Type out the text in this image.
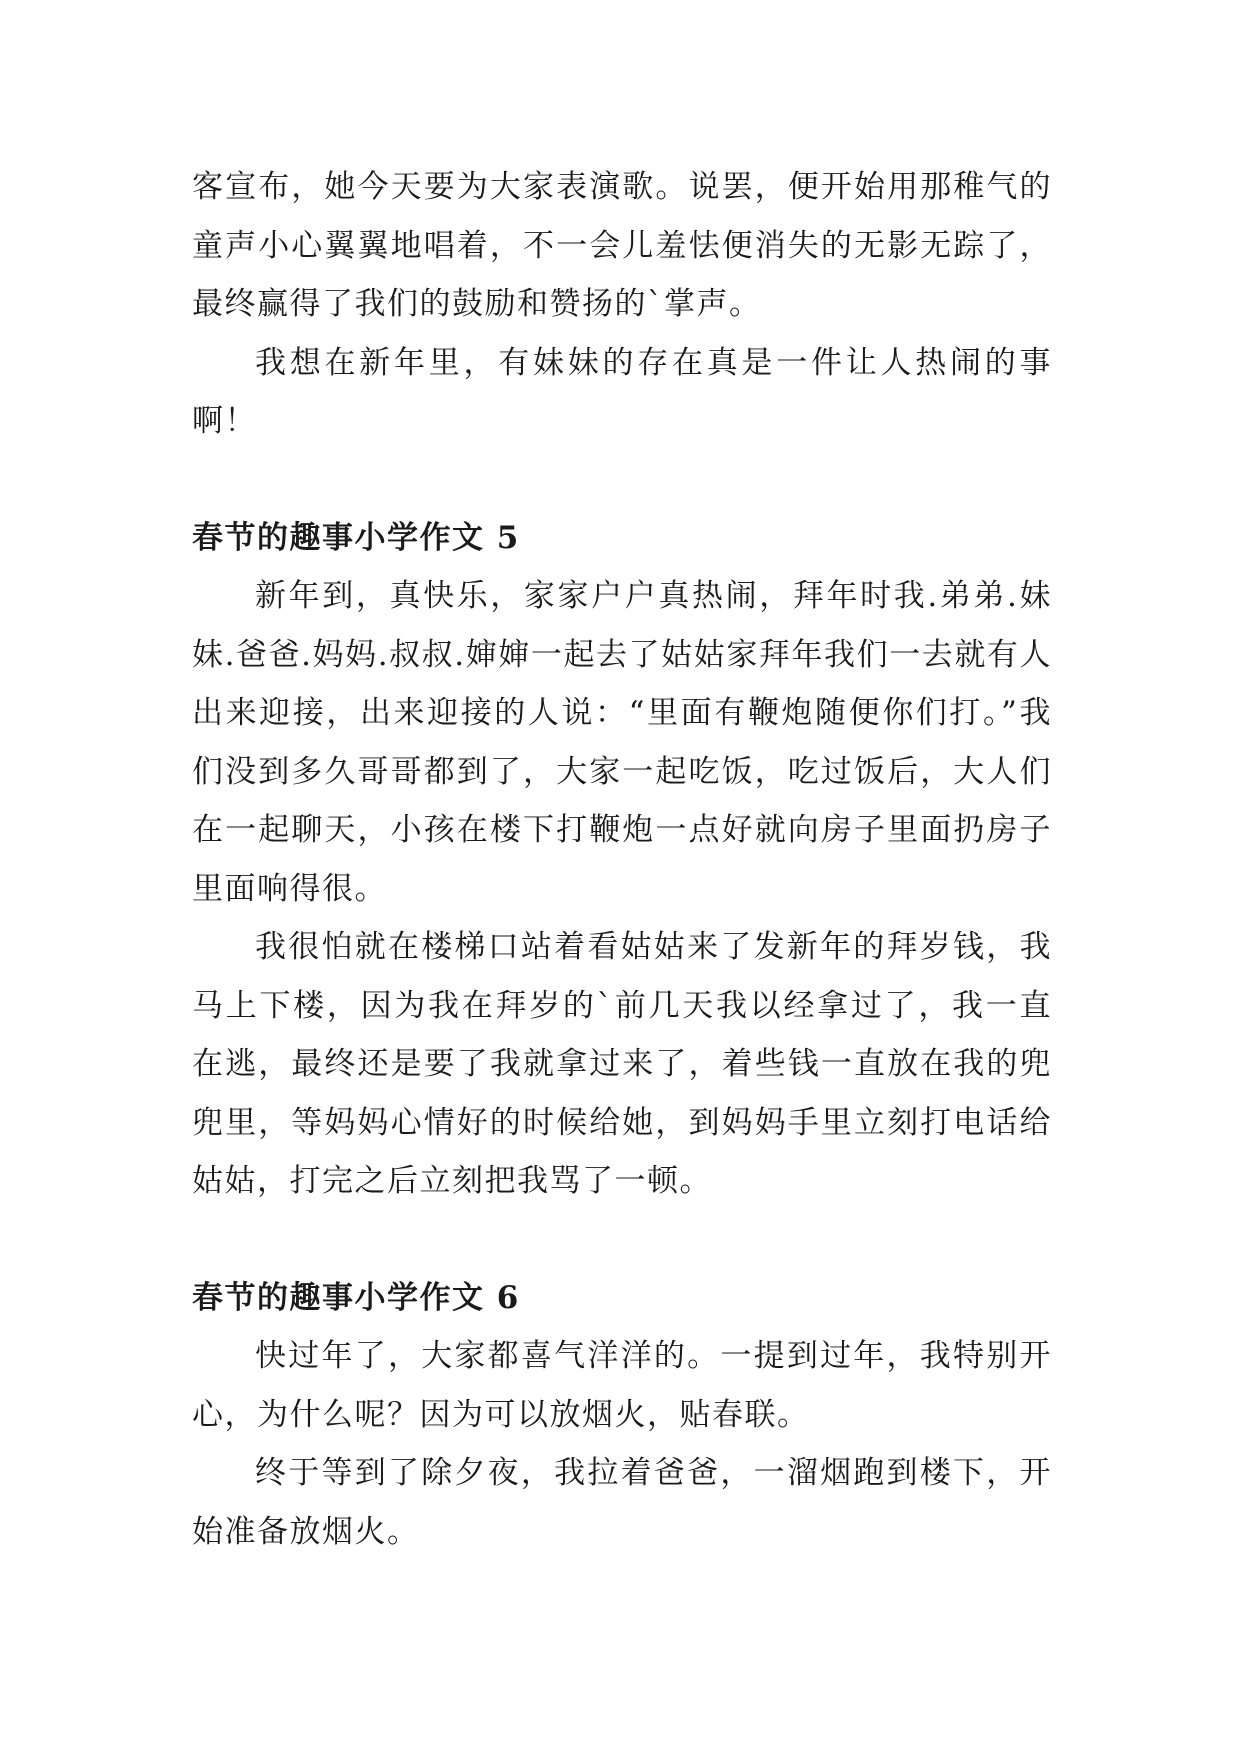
客宣布，她今天要为大家表演歌。说罢，便开始用那稚气的童声小心翼翼地唱着，不一会儿羞怯便消失的无影无踪了，最终赢得了我们的鼓励和赞扬的`掌声。

我想在新年里，有妹妹的存在真是一件让人热闹的事啊！

春节的趣事小学作文 5

新年到，真快乐，家家户户真热闹，拜年时我.弟弟.妹妹.爸爸.妈妈.叔叔.婶婶一起去了姑姑家拜年我们一去就有人出来迎接，出来迎接的人说：“里面有鞭炮随便你们打。”我们没到多久哥哥都到了，大家一起吃饭，吃过饭后，大人们在一起聊天，小孩在楼下打鞭炮一点好就向房子里面扔房子里面响得很。

我很怕就在楼梯口站着看姑姑来了发新年的拜岁钱，我马上下楼，因为我在拜岁的`前几天我以经拿过了，我一直在逃，最终还是要了我就拿过来了，着些钱一直放在我的兜兜里，等妈妈心情好的时候给她，到妈妈手里立刻打电话给姑姑，打完之后立刻把我骂了一顿。

春节的趣事小学作文 6

快过年了，大家都喜气洋洋的。一提到过年，我特别开心，为什么呢？因为可以放烟火，贴春联。

终于等到了除夕夜，我拉着爸爸，一溜烟跑到楼下，开始准备放烟火。
